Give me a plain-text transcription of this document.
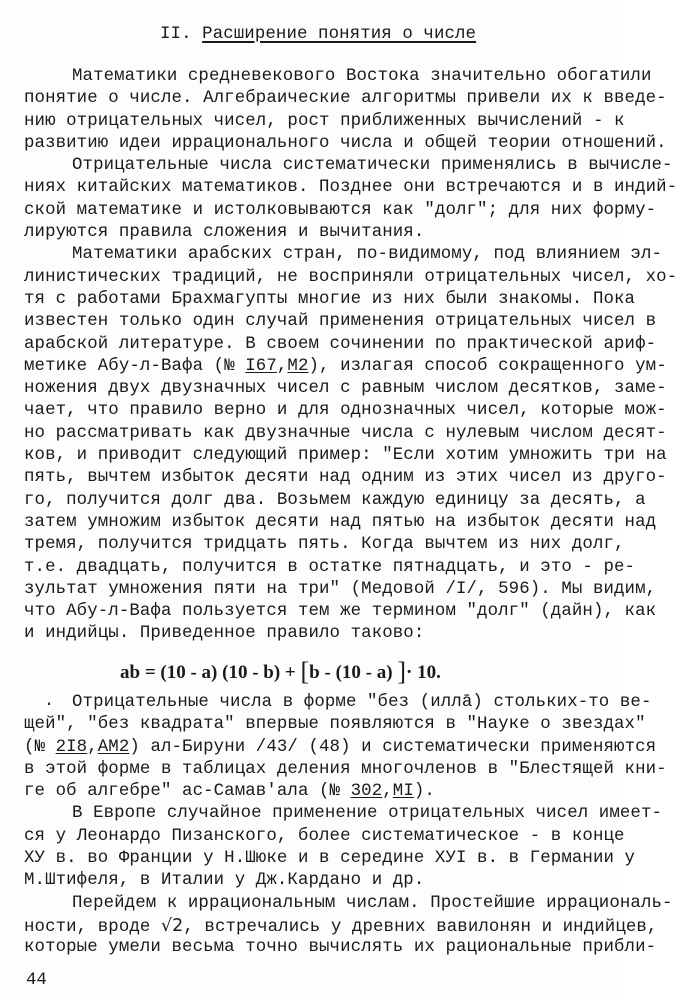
II. Расширение понятия о числе
Математики средневекового Востока значительно обогатили
понятие о числе. Алгебраические алгоритмы привели их к введе-
нию отрицательных чисел, рост приближенных вычислений - к
развитию идеи иррационального числа и общей теории отношений.
Отрицательные числа систематически применялись в вычисле-
ниях китайских математиков. Позднее они встречаются и в индий-
ской математике и истолковываются как "долг"; для них форму-
лируются правила сложения и вычитания.
Математики арабских стран, по-видимому, под влиянием эл-
линистических традиций, не восприняли отрицательных чисел, хо-
тя с работами Брахмагупты многие из них были знакомы. Пока
известен только один случай применения отрицательных чисел в
арабской литературе. В своем сочинении по практической ариф-
метике Абу-л-Вафа (№ I67,M2), излагая способ сокращенного ум-
ножения двух двузначных чисел с равным числом десятков, заме-
чает, что правило верно и для однозначных чисел, которые мож-
но рассматривать как двузначные числа с нулевым числом десят-
ков, и приводит следующий пример: "Если хотим умножить три на
пять, вычтем избыток десяти над одним из этих чисел из друго-
го, получится долг два. Возьмем каждую единицу за десять, а
затем умножим избыток десяти над пятью на избыток десяти над
тремя, получится тридцать пять. Когда вычтем из них долг,
т.е. двадцать, получится в остатке пятнадцать, и это - ре-
зультат умножения пяти на три" (Медовой /I/, 596). Мы видим,
что Абу-л-Вафа пользуется тем же термином "долг" (дайн), как
и индийцы. Приведенное правило таково:
ab = (10 - a) (10 - b) + [b - (10 - a) ]· 10.
.	Отрицательные числа в форме "без (иллā) стольких-то ве-
щей", "без квадрата" впервые появляются в "Науке о звездах"
(№ 2I8,AM2) ал-Бируни /43/ (48) и систематически применяются
в этой форме в таблицах деления многочленов в "Блестящей кни-
ге об алгебре" ас-Самав'ала (№ 302,MI).
В Европе случайное применение отрицательных чисел имеет-
ся у Леонардо Пизанского, более систематическое - в конце
XУ в. во Франции у Н.Шюке и в середине XУI в. в Германии у
М.Штифеля, в Италии у Дж.Кардано и др.
Перейдем к иррациональным числам. Простейшие иррациональ-
ности, вроде √2, встречались у древних вавилонян и индийцев,
которые умели весьма точно вычислять их рациональные прибли-
44
